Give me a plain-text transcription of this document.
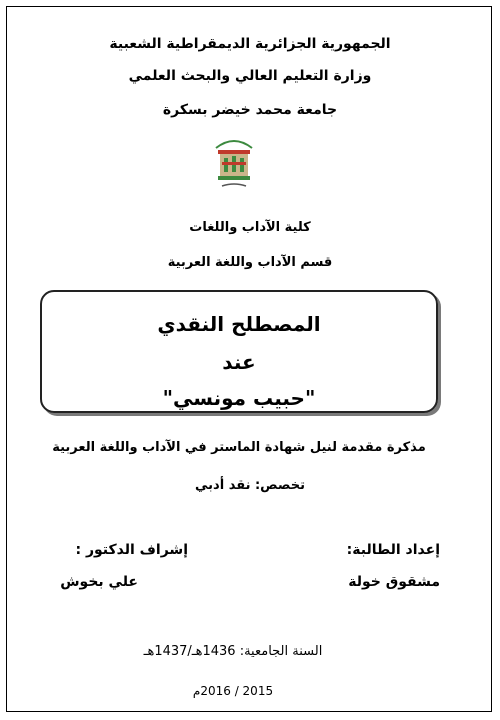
الجمهورية الجزائرية الديمقراطية الشعبية
وزارة التعليم العالي والبحث العلمي
جامعة محمد خيضر بسكرة
كلية الآداب واللغات
قسم الآداب واللغة العربية
المصطلح النقدي
عند
"حبيب مونسي"
مذكرة مقدمة لنيل شهادة الماستر في الآداب واللغة العربية
تخصص: نقد أدبي
إعداد الطالبة:
مشقوق خولة
إشراف الدكتور :
علي بخوش
السنة الجامعية: 1436هـ/1437هـ
2015 / 2016م
